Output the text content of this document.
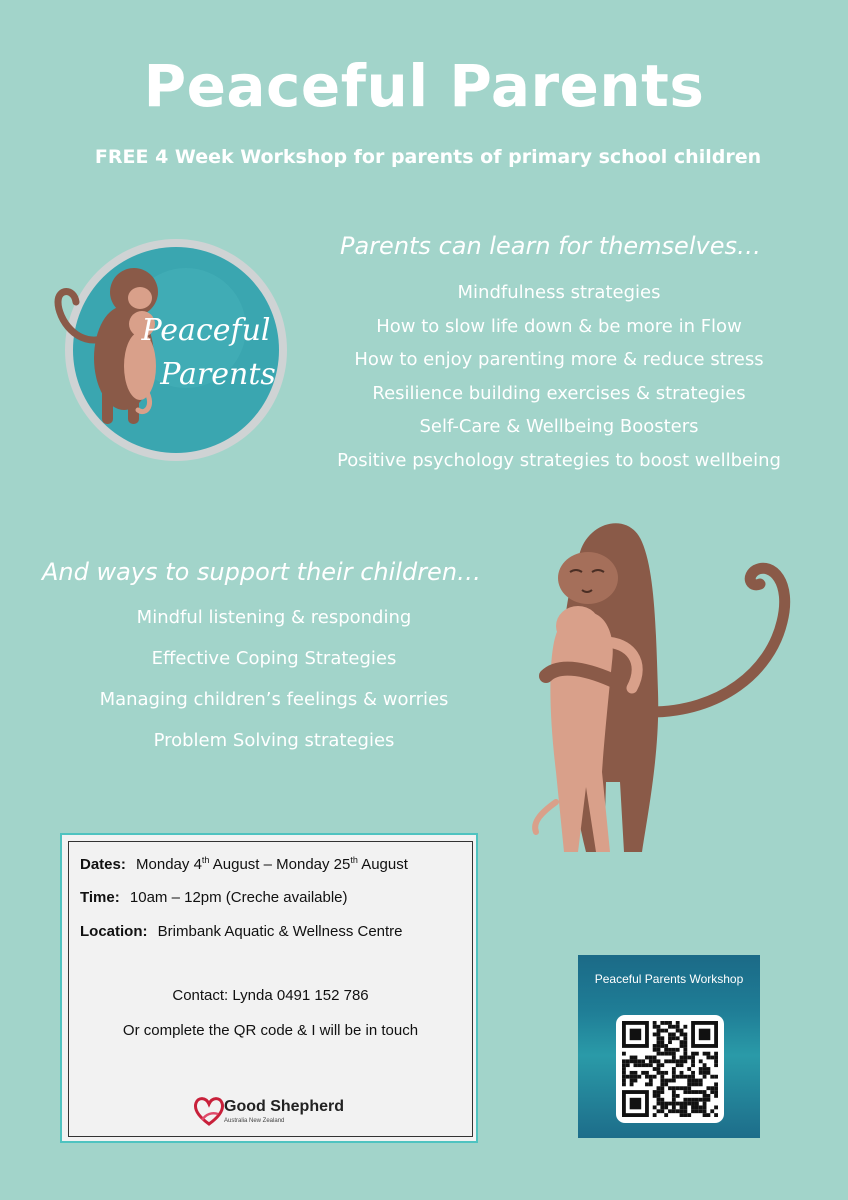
Peaceful Parents
FREE 4 Week Workshop for parents of primary school children
Peaceful
Parents
Parents can learn for themselves…
Mindfulness strategies
How to slow life down & be more in Flow
How to enjoy parenting more & reduce stress
Resilience building exercises & strategies
Self-Care & Wellbeing Boosters
Positive psychology strategies to boost wellbeing
And ways to support their children…
Mindful listening & responding
Effective Coping Strategies
Managing children’s feelings & worries
Problem Solving strategies
Dates: Monday 4th August – Monday 25th August
Time: 10am – 12pm (Creche available)
Location: Brimbank Aquatic & Wellness Centre
Contact: Lynda 0491 152 786
Or complete the QR code & I will be in touch
Good Shepherd
Australia New Zealand
Peaceful Parents Workshop
